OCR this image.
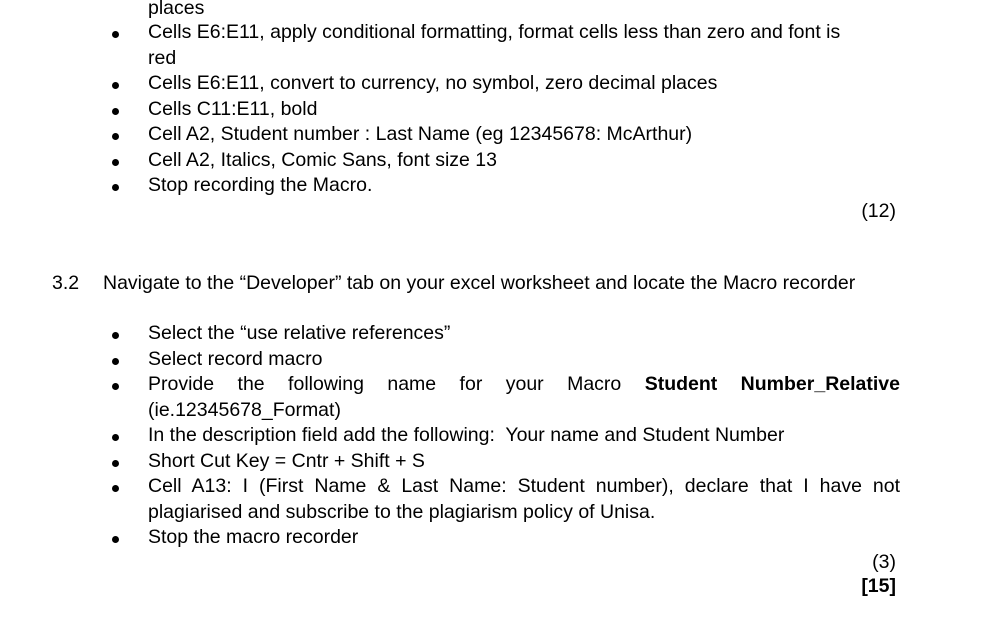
places
Cells E6:E11, apply conditional formatting, format cells less than zero and font is
red
Cells E6:E11, convert to currency, no symbol, zero decimal places
Cells C11:E11, bold
Cell A2, Student number : Last Name (eg 12345678: McArthur)
Cell A2, Italics, Comic Sans, font size 13
Stop recording the Macro.
(12)
3.2 Navigate to the “Developer” tab on your excel worksheet and locate the Macro recorder
Select the “use relative references”
Select record macro
Provide the following name for your Macro Student Number_Relative
(ie.12345678_Format)
In the description field add the following:  Your name and Student Number
Short Cut Key = Cntr + Shift + S
Cell A13: I (First Name & Last Name: Student number), declare that I have not
plagiarised and subscribe to the plagiarism policy of Unisa.
Stop the macro recorder
(3)
[15]
